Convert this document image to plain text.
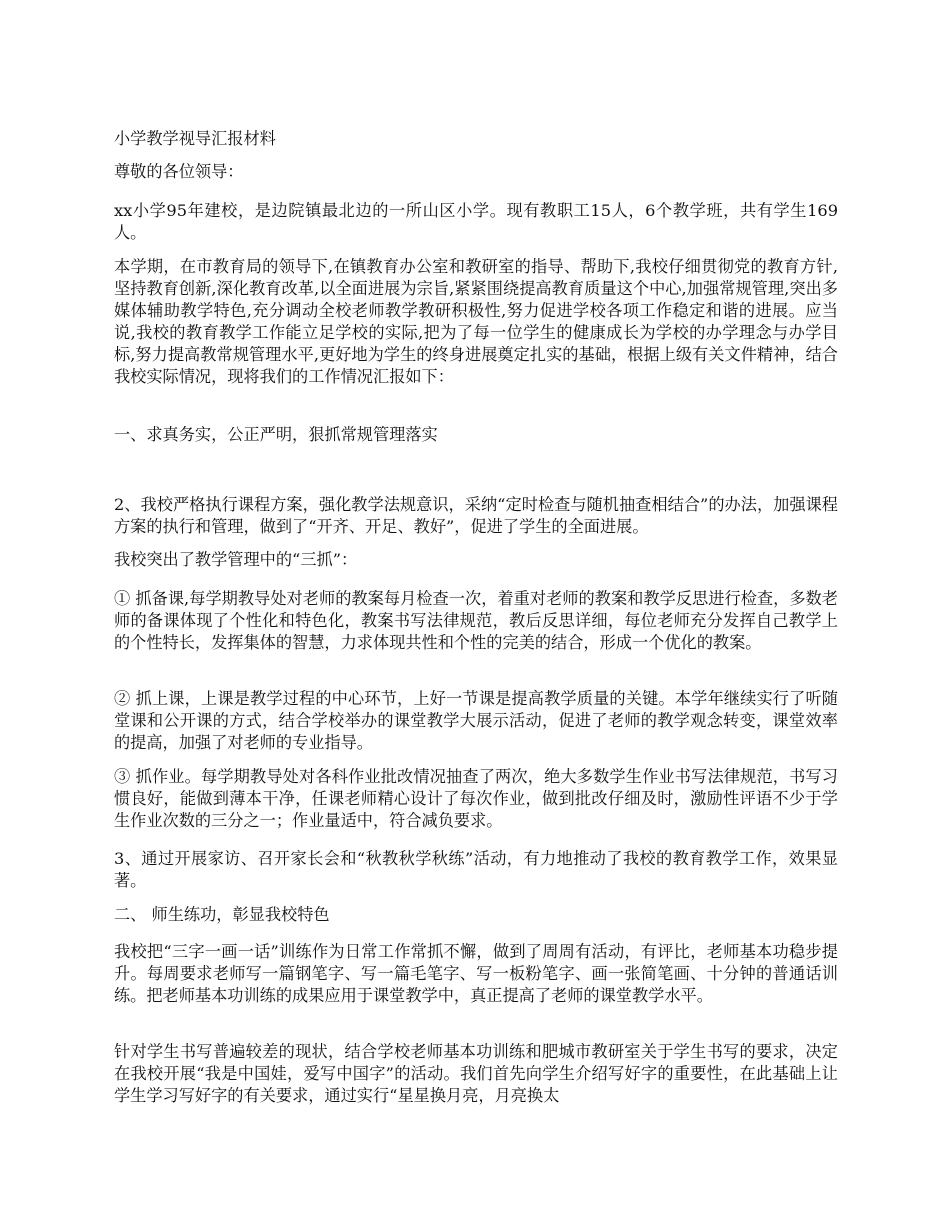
小学教学视导汇报材料

尊敬的各位领导：

xx小学95年建校，是边院镇最北边的一所山区小学。现有教职工15人，6个教学班，共有学生169人。

本学期，在市教育局的领导下,在镇教育办公室和教研室的指导、帮助下,我校仔细贯彻党的教育方针,坚持教育创新,深化教育改革,以全面进展为宗旨,紧紧围绕提高教育质量这个中心,加强常规管理,突出多媒体辅助教学特色,充分调动全校老师教学教研积极性,努力促进学校各项工作稳定和谐的进展。应当说,我校的教育教学工作能立足学校的实际,把为了每一位学生的健康成长为学校的办学理念与办学目标,努力提高教常规管理水平,更好地为学生的终身进展奠定扎实的基础，根据上级有关文件精神，结合我校实际情况，现将我们的工作情况汇报如下：

一、求真务实，公正严明，狠抓常规管理落实

2、我校严格执行课程方案，强化教学法规意识，采纳“定时检查与随机抽查相结合”的办法，加强课程方案的执行和管理，做到了“开齐、开足、教好”，促进了学生的全面进展。

我校突出了教学管理中的“三抓”：

① 抓备课,每学期教导处对老师的教案每月检查一次，着重对老师的教案和教学反思进行检查，多数老师的备课体现了个性化和特色化，教案书写法律规范，教后反思详细，每位老师充分发挥自己教学上的个性特长，发挥集体的智慧，力求体现共性和个性的完美的结合，形成一个优化的教案。

② 抓上课，上课是教学过程的中心环节，上好一节课是提高教学质量的关键。本学年继续实行了听随堂课和公开课的方式，结合学校举办的课堂教学大展示活动，促进了老师的教学观念转变，课堂效率的提高，加强了对老师的专业指导。

③ 抓作业。每学期教导处对各科作业批改情况抽查了两次，绝大多数学生作业书写法律规范，书写习惯良好，能做到薄本干净，任课老师精心设计了每次作业，做到批改仔细及时，激励性评语不少于学生作业次数的三分之一；作业量适中，符合减负要求。

3、通过开展家访、召开家长会和“秋教秋学秋练”活动，有力地推动了我校的教育教学工作，效果显著。

二、 师生练功，彰显我校特色

我校把“三字一画一话”训练作为日常工作常抓不懈，做到了周周有活动，有评比，老师基本功稳步提升。每周要求老师写一篇钢笔字、写一篇毛笔字、写一板粉笔字、画一张简笔画、十分钟的普通话训练。把老师基本功训练的成果应用于课堂教学中，真正提高了老师的课堂教学水平。

针对学生书写普遍较差的现状，结合学校老师基本功训练和肥城市教研室关于学生书写的要求，决定在我校开展“我是中国娃，爱写中国字”的活动。我们首先向学生介绍写好字的重要性，在此基础上让学生学习写好字的有关要求，通过实行“星星换月亮，月亮换太
